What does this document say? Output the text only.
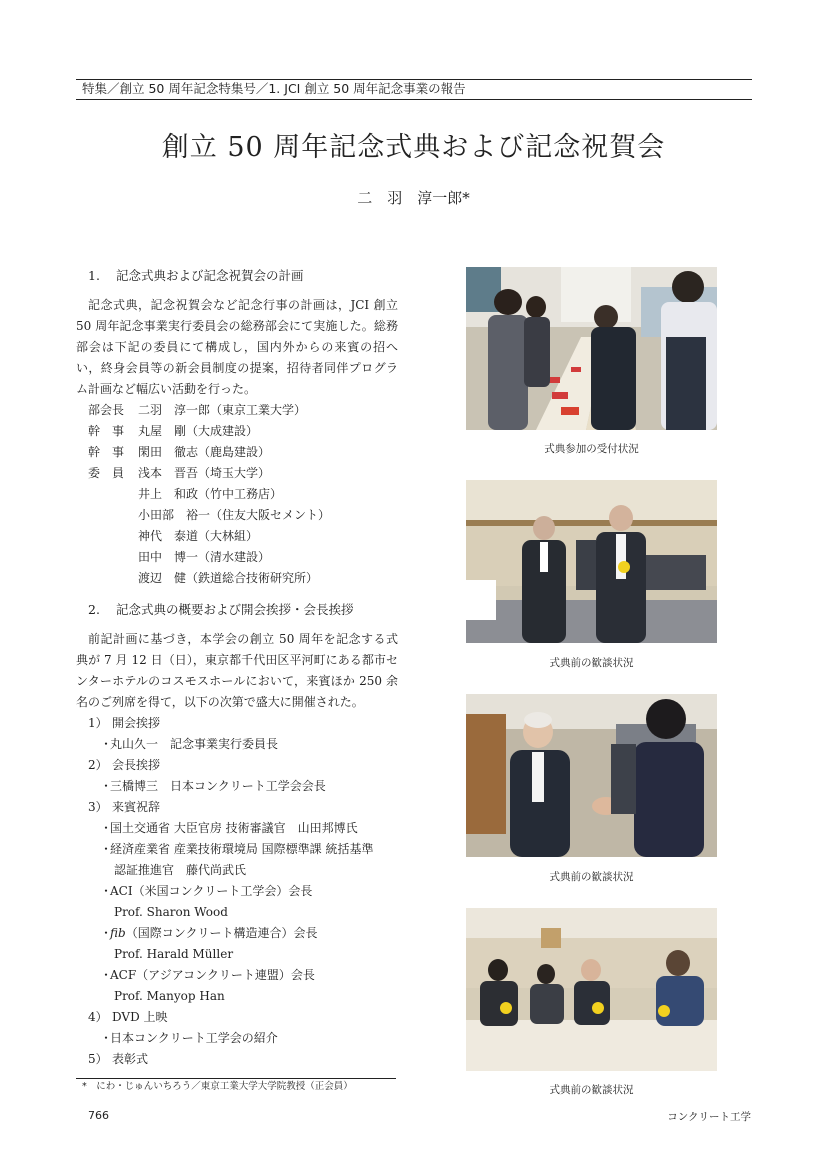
特集／創立 50 周年記念特集号／1. JCI 創立 50 周年記念事業の報告
創立 50 周年記念式典および記念祝賀会
二　羽　淳一郎*
1. 記念式典および記念祝賀会の計画
記念式典，記念祝賀会など記念行事の計画は，JCI 創立 50 周年記念事業実行委員会の総務部会にて実施した。総務部会は下記の委員にて構成し，国内外からの来賓の招へい，終身会員等の新会員制度の提案，招待者同伴プログラム計画など幅広い活動を行った。
部会長	二羽　淳一郎（東京工業大学）
幹　事	丸屋　剛（大成建設）
幹　事	閑田　徹志（鹿島建設）
委　員	浅本　晋吾（埼玉大学）
井上　和政（竹中工務店）
小田部　裕一（住友大阪セメント）
神代　泰道（大林組）
田中　博一（清水建設）
渡辺　健（鉄道総合技術研究所）
2. 記念式典の概要および開会挨拶・会長挨拶
前記計画に基づき，本学会の創立 50 周年を記念する式典が 7 月 12 日（日），東京都千代田区平河町にある都市センターホテルのコスモスホールにおいて，来賓ほか 250 余名のご列席を得て，以下の次第で盛大に開催された。
1） 開会挨拶
・丸山久一　記念事業実行委員長
2） 会長挨拶
・三橋博三　日本コンクリート工学会会長
3） 来賓祝辞
・国土交通省 大臣官房 技術審議官　山田邦博氏
・経済産業省 産業技術環境局 国際標準課 統括基準
認証推進官　藤代尚武氏
・ACI（米国コンクリート工学会）会長
Prof. Sharon Wood
・fib（国際コンクリート構造連合）会長
Prof. Harald Müller
・ACF（アジアコンクリート連盟）会長
Prof. Manyop Han
4） DVD 上映
・日本コンクリート工学会の紹介
5） 表彰式
*　にわ・じゅんいちろう／東京工業大学大学院教授（正会員）
766	コンクリート工学
式典参加の受付状況
式典前の歓談状況
式典前の歓談状況
式典前の歓談状況
